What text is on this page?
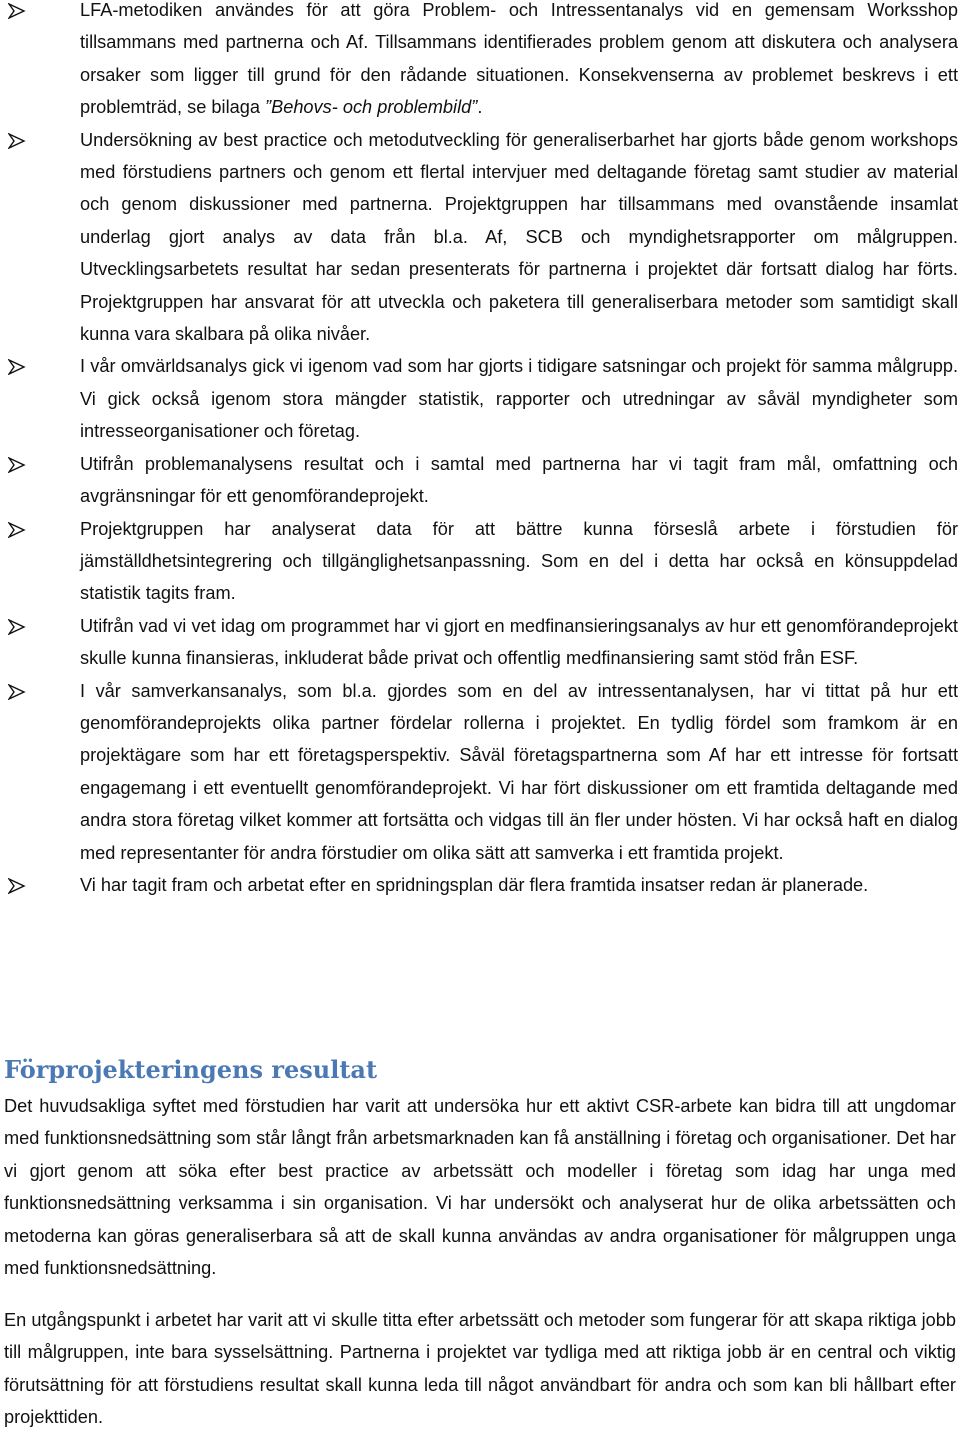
LFA-metodiken användes för att göra Problem- och Intressentanalys vid en gemensam Worksshop tillsammans med partnerna och Af. Tillsammans identifierades problem genom att diskutera och analysera orsaker som ligger till grund för den rådande situationen. Konsekvenserna av problemet beskrevs i ett problemträd, se bilaga ”Behovs- och problembild”.
Undersökning av best practice och metodutveckling för generaliserbarhet har gjorts både genom workshops med förstudiens partners och genom ett flertal intervjuer med deltagande företag samt studier av material och genom diskussioner med partnerna. Projektgruppen har tillsammans med ovanstående insamlat underlag gjort analys av data från bl.a. Af, SCB och myndighetsrapporter om målgruppen. Utvecklingsarbetets resultat har sedan presenterats för partnerna i projektet där fortsatt dialog har förts. Projektgruppen har ansvarat för att utveckla och paketera till generaliserbara metoder som samtidigt skall kunna vara skalbara på olika nivåer.
I vår omvärldsanalys gick vi igenom vad som har gjorts i tidigare satsningar och projekt för samma målgrupp. Vi gick också igenom stora mängder statistik, rapporter och utredningar av såväl myndigheter som intresseorganisationer och företag.
Utifrån problemanalysens resultat och i samtal med partnerna har vi tagit fram mål, omfattning och avgränsningar för ett genomförandeprojekt.
Projektgruppen har analyserat data för att bättre kunna förseslå arbete i förstudien för jämställdhetsintegrering och tillgänglighetsanpassning. Som en del i detta har också en könsuppdelad statistik tagits fram.
Utifrån vad vi vet idag om programmet har vi gjort en medfinansieringsanalys av hur ett genomförandeprojekt skulle kunna finansieras, inkluderat både privat och offentlig medfinansiering samt stöd från ESF.
I vår samverkansanalys, som bl.a. gjordes som en del av intressentanalysen, har vi tittat på hur ett genomförandeprojekts olika partner fördelar rollerna i projektet. En tydlig fördel som framkom är en projektägare som har ett företagsperspektiv. Såväl företagspartnerna som Af har ett intresse för fortsatt engagemang i ett eventuellt genomförandeprojekt. Vi har fört diskussioner om ett framtida deltagande med andra stora företag vilket kommer att fortsätta och vidgas till än fler under hösten. Vi har också haft en dialog med representanter för andra förstudier om olika sätt att samverka i ett framtida projekt.
Vi har tagit fram och arbetat efter en spridningsplan där flera framtida insatser redan är planerade.
Förprojekteringens resultat

Det huvudsakliga syftet med förstudien har varit att undersöka hur ett aktivt CSR-arbete kan bidra till att ungdomar med funktionsnedsättning som står långt från arbetsmarknaden kan få anställning i företag och organisationer. Det har vi gjort genom att söka efter best practice av arbetssätt och modeller i företag som idag har unga med funktionsnedsättning verksamma i sin organisation. Vi har undersökt och analyserat hur de olika arbetssätten och metoderna kan göras generaliserbara så att de skall kunna användas av andra organisationer för målgruppen unga med funktionsnedsättning.

En utgångspunkt i arbetet har varit att vi skulle titta efter arbetssätt och metoder som fungerar för att skapa riktiga jobb till målgruppen, inte bara sysselsättning. Partnerna i projektet var tydliga med att riktiga jobb är en central och viktig förutsättning för att förstudiens resultat skall kunna leda till något användbart för andra och som kan bli hållbart efter projekttiden.
